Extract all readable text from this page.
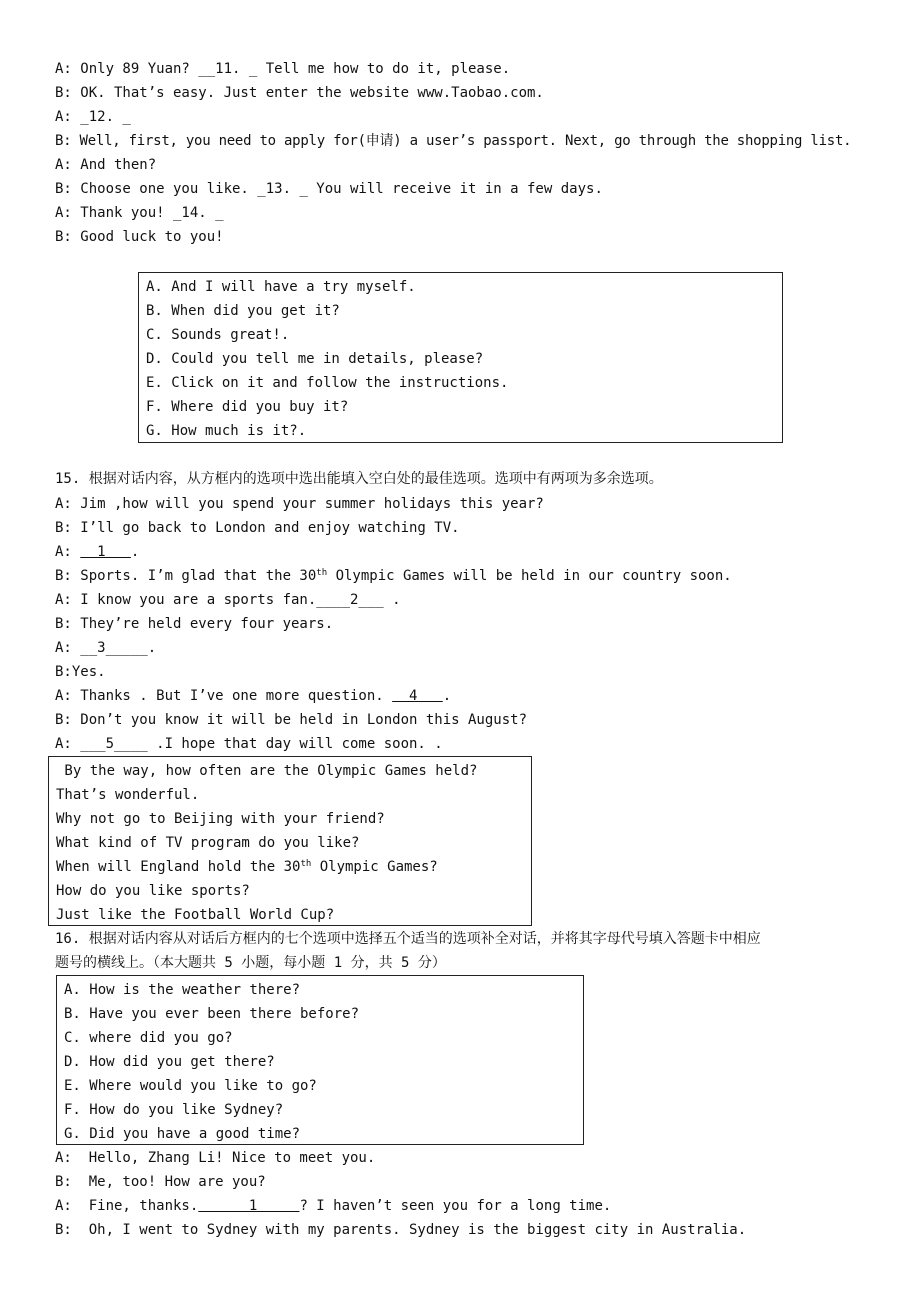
A: Only 89 Yuan? __11. _ Tell me how to do it, please.
B: OK. That’s easy. Just enter the website www.Taobao.com.
A: _12. _
B: Well, first, you need to apply for(申请) a user’s passport. Next, go through the shopping list.
A: And then?
B: Choose one you like. _13. _ You will receive it in a few days.
A: Thank you! _14. _
B: Good luck to you!
A. And I will have a try myself.
B. When did you get it?
C. Sounds great!.
D. Could you tell me in details, please?
E. Click on it and follow the instructions.
F. Where did you buy it?
G. How much is it?.
15. 根据对话内容，从方框内的选项中选出能填入空白处的最佳选项。选项中有两项为多余选项。
A: Jim ,how will you spend your summer holidays this year?
B: I’ll go back to London and enjoy watching TV.
A:   1   .
B: Sports. I’m glad that the 30th Olympic Games will be held in our country soon.
A: I know you are a sports fan.____2___ .
B: They’re held every four years.
A: __3_____.
B:Yes.
A: Thanks . But I’ve one more question.   4   .
B: Don’t you know it will be held in London this August?
A: ___5____ .I hope that day will come soon. .
By the way, how often are the Olympic Games held?
That’s wonderful.
Why not go to Beijing with your friend?
What kind of TV program do you like?
When will England hold the 30th Olympic Games?
How do you like sports?
Just like the Football World Cup?
16. 根据对话内容从对话后方框内的七个选项中选择五个适当的选项补全对话，并将其字母代号填入答题卡中相应
题号的横线上。（本大题共 5 小题，每小题 1 分，共 5 分）
A. How is the weather there?
B. Have you ever been there before?
C. where did you go?
D. How did you get there?
E. Where would you like to go?
F. How do you like Sydney?
G. Did you have a good time?
A:  Hello, Zhang Li! Nice to meet you.
B:  Me, too! How are you?
A:  Fine, thanks.      1     ? I haven’t seen you for a long time.
B:  Oh, I went to Sydney with my parents. Sydney is the biggest city in Australia.
